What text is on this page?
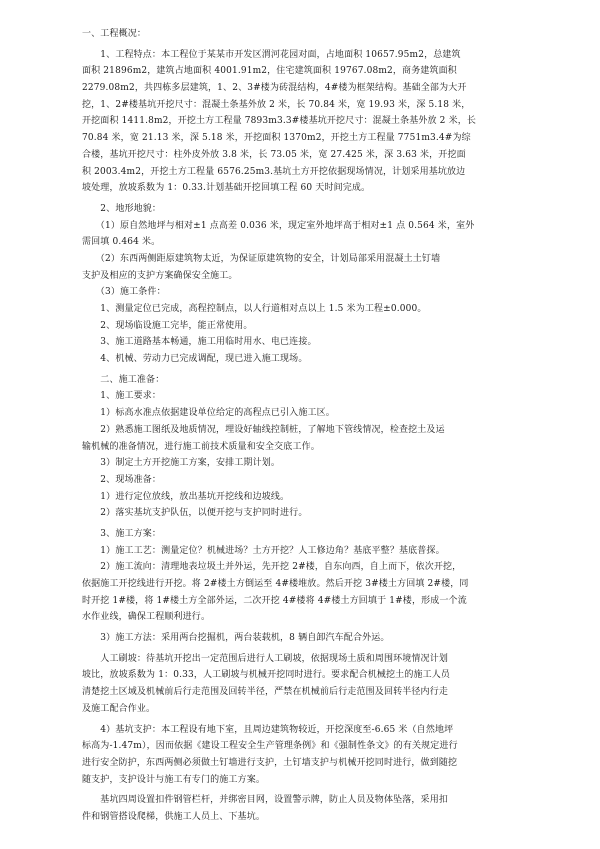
一、工程概况：
　　1、工程特点：本工程位于某某市开发区渭河花园对面，占地面积 10657.95m2，总建筑
面积 21896m2，建筑占地面积 4001.91m2，住宅建筑面积 19767.08m2，商务建筑面积
2279.08m2，共四栋多层建筑，1、2、3#楼为砖混结构，4#楼为框架结构。基础全部为大开
挖，1、2#楼基坑开挖尺寸：混凝土条基外放 2 米，长 70.84 米，宽 19.93 米，深 5.18 米，
开挖面积 1411.8m2，开挖土方工程量 7893m3.3#楼基坑开挖尺寸：混凝土条基外放 2 米，长
70.84 米，宽 21.13 米，深 5.18 米，开挖面积 1370m2，开挖土方工程量 7751m3.4#为综
合楼，基坑开挖尺寸：柱外皮外放 3.8 米，长 73.05 米，宽 27.425 米，深 3.63 米，开挖面
积 2003.4m2，开挖土方工程量 6576.25m3.基坑土方开挖依据现场情况，计划采用基坑放边
坡处理，放坡系数为 1：0.33.计划基础开挖回填工程 60 天时间完成。
　　2、地形地貌：
　　（1）原自然地坪与相对±1 点高差 0.036 米，现定室外地坪高于相对±1 点 0.564 米，室外
需回填 0.464 米。
　　（2）东西两侧距原建筑物太近，为保证原建筑物的安全，计划局部采用混凝土土钉墙
支护及相应的支护方案确保安全施工。
　　（3）施工条件：
　　1、测量定位已完成，高程控制点，以人行道相对点以上 1.5 米为工程±0.000。
　　2、现场临设施工完毕，能正常使用。
　　3、施工道路基本畅通，施工用临时用水、电已连接。
　　4、机械、劳动力已完成调配，现已进入施工现场。
　　二、施工准备：
　　1、施工要求：
　　1）标高水准点依据建设单位给定的高程点已引入施工区。
　　2）熟悉施工图纸及地质情况，埋设好轴线控制桩，了解地下管线情况，检查挖土及运
输机械的准备情况，进行施工前技术质量和安全交底工作。
　　3）制定土方开挖施工方案，安排工期计划。
　　2、现场准备：
　　1）进行定位放线，放出基坑开挖线和边坡线。
　　2）落实基坑支护队伍，以便开挖与支护同时进行。
　　3、施工方案：
　　1）施工工艺：测量定位？机械进场？土方开挖？人工修边角？基底平整？基底普探。
　　2）施工流向：清理地表垃圾土并外运，先开挖 2#楼，自东向西，自上而下，依次开挖，
依据施工开挖线进行开挖。将 2#楼土方倒运至 4#楼堆放。然后开挖 3#楼土方回填 2#楼，同
时开挖 1#楼，将 1#楼土方全部外运，二次开挖 4#楼将 4#楼土方回填于 1#楼，形成一个流
水作业线，确保工程顺利进行。
　　3）施工方法：采用两台挖掘机，两台装载机，8 辆自卸汽车配合外运。
　　人工刷坡：待基坑开挖出一定范围后进行人工刷坡，依据现场土质和周围环境情况计划
坡比，放坡系数为 1：0.33，人工刷坡与机械开挖同时进行。要求配合机械挖土的施工人员
清楚挖土区域及机械前后行走范围及回转半径，严禁在机械前后行走范围及回转半径内行走
及施工配合作业。
　　4）基坑支护：本工程设有地下室，且周边建筑物较近，开挖深度至-6.65 米（自然地坪
标高为-1.47m），因而依据《建设工程安全生产管理条例》和《强制性条文》的有关规定进行
进行安全防护，东西两侧必须做土钉墙进行支护，土钉墙支护与机械开挖同时进行，做到随挖
随支护，支护设计与施工有专门的施工方案。
　　基坑四周设置扣件钢管栏杆，并绑密目网，设置警示牌，防止人员及物体坠落，采用扣
件和钢管搭设爬梯，供施工人员上、下基坑。
